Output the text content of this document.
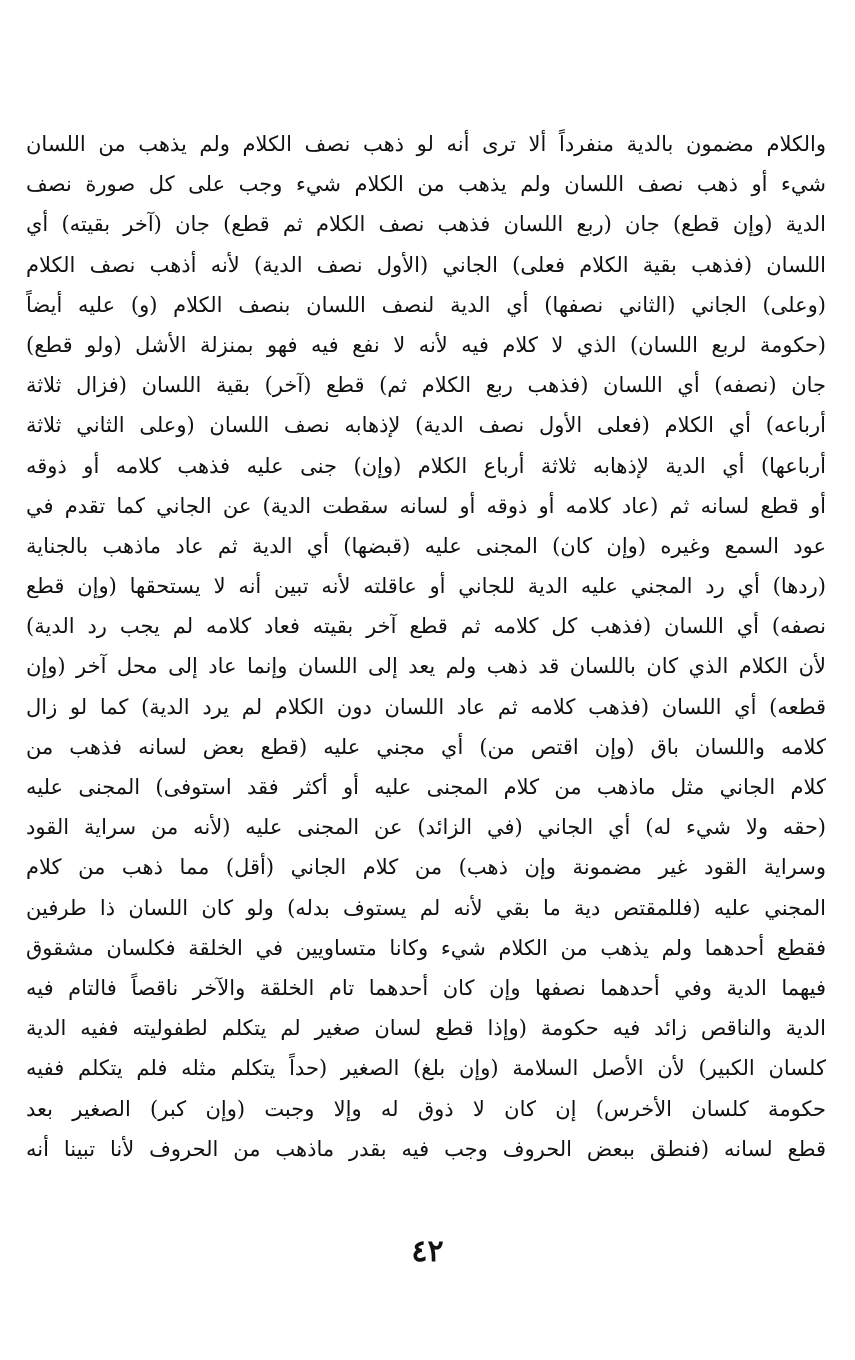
والكلام مضمون بالدية منفرداً ألا ترى أنه لو ذهب نصف الكلام ولم يذهب من اللسان
شيء أو ذهب نصف اللسان ولم يذهب من الكلام شيء وجب على كل صورة نصف
الدية (وإن قطع) جان (ربع اللسان فذهب نصف الكلام ثم قطع) جان (آخر بقيته) أي
اللسان (فذهب بقية الكلام فعلى) الجاني (الأول نصف الدية) لأنه أذهب نصف الكلام
(وعلى) الجاني (الثاني نصفها) أي الدية لنصف اللسان بنصف الكلام (و) عليه أيضاً
(حكومة لربع اللسان) الذي لا كلام فيه لأنه لا نفع فيه فهو بمنزلة الأشل (ولو قطع)
جان (نصفه) أي اللسان (فذهب ربع الكلام ثم) قطع (آخر) بقية اللسان (فزال ثلاثة
أرباعه) أي الكلام (فعلى الأول نصف الدية) لإذهابه نصف اللسان (وعلى الثاني ثلاثة
أرباعها) أي الدية لإذهابه ثلاثة أرباع الكلام (وإن) جنى عليه فذهب كلامه أو ذوقه
أو قطع لسانه ثم (عاد كلامه أو ذوقه أو لسانه سقطت الدية) عن الجاني كما تقدم في
عود السمع وغيره (وإن كان) المجنى عليه (قبضها) أي الدية ثم عاد ماذهب بالجناية
(ردها) أي رد المجني عليه الدية للجاني أو عاقلته لأنه تبين أنه لا يستحقها (وإن قطع
نصفه) أي اللسان (فذهب كل كلامه ثم قطع آخر بقيته فعاد كلامه لم يجب رد الدية)
لأن الكلام الذي كان باللسان قد ذهب ولم يعد إلى اللسان وإنما عاد إلى محل آخر (وإن
قطعه) أي اللسان (فذهب كلامه ثم عاد اللسان دون الكلام لم يرد الدية) كما لو زال
كلامه واللسان باق (وإن اقتص من) أي مجني عليه (قطع بعض لسانه فذهب من
كلام الجاني مثل ماذهب من كلام المجنى عليه أو أكثر فقد استوفى) المجنى عليه
(حقه ولا شيء له) أي الجاني (في الزائد) عن المجنى عليه (لأنه من سراية القود
وسراية القود غير مضمونة وإن ذهب) من كلام الجاني (أقل) مما ذهب من كلام
المجني عليه (فللمقتص دية ما بقي لأنه لم يستوف بدله) ولو كان اللسان ذا طرفين
فقطع أحدهما ولم يذهب من الكلام شيء وكانا متساويين في الخلقة فكلسان مشقوق
فيهما الدية وفي أحدهما نصفها وإن كان أحدهما تام الخلقة والآخر ناقصاً فالتام فيه
الدية والناقص زائد فيه حكومة (وإذا قطع لسان صغير لم يتكلم لطفوليته ففيه الدية
كلسان الكبير) لأن الأصل السلامة (وإن بلغ) الصغير (حداً يتكلم مثله فلم يتكلم ففيه
حكومة كلسان الأخرس) إن كان لا ذوق له وإلا وجبت (وإن كبر) الصغير بعد
قطع لسانه (فنطق ببعض الحروف وجب فيه بقدر ماذهب من الحروف لأنا تبينا أنه
٤٢
